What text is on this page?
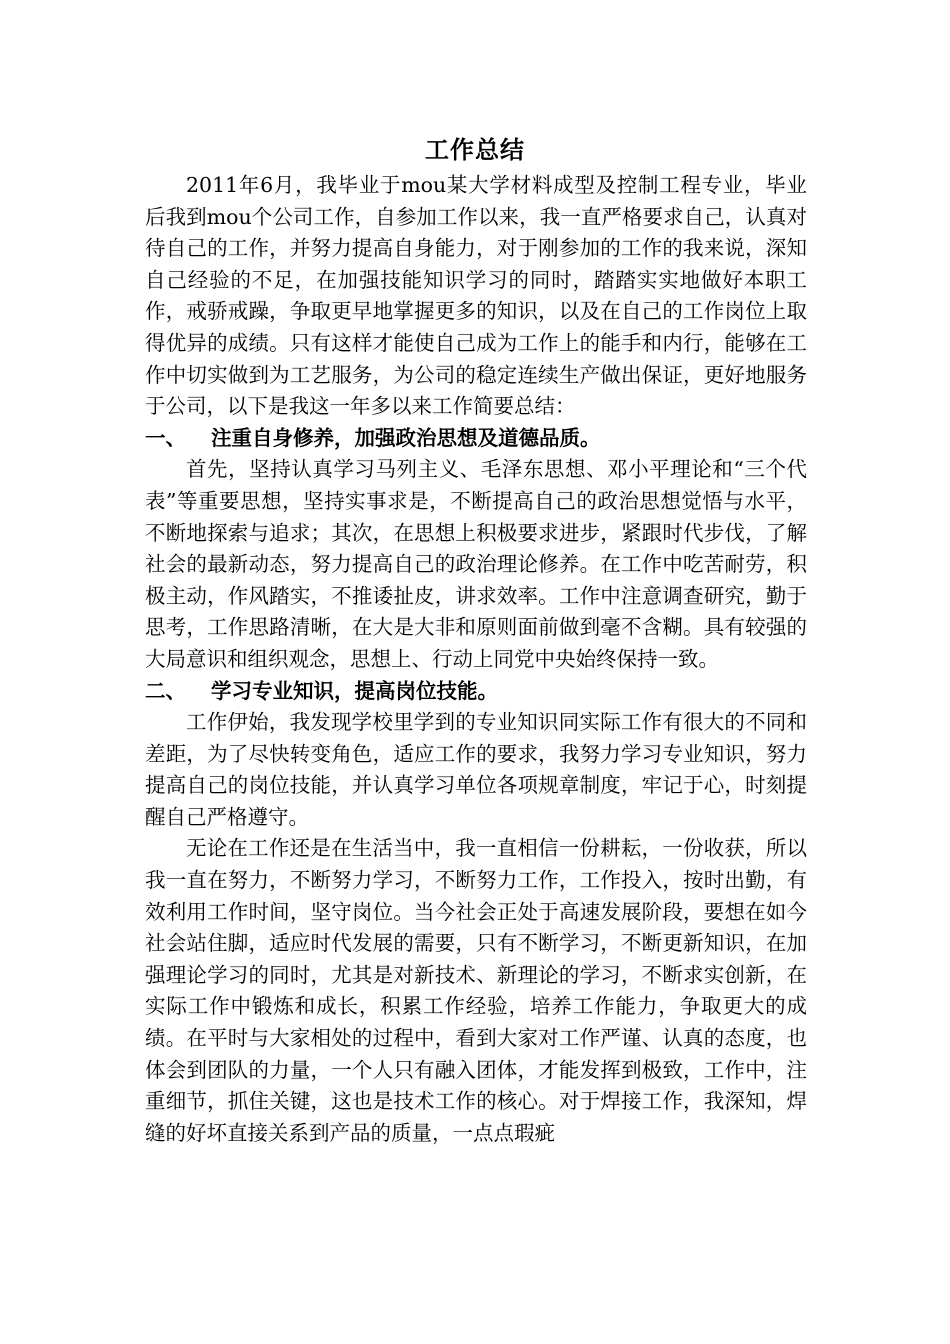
工作总结

2011年6月，我毕业于mou某大学材料成型及控制工程专业，毕业后我到mou个公司工作，自参加工作以来，我一直严格要求自己，认真对待自己的工作，并努力提高自身能力，对于刚参加的工作的我来说，深知自己经验的不足，在加强技能知识学习的同时，踏踏实实地做好本职工作，戒骄戒躁，争取更早地掌握更多的知识，以及在自己的工作岗位上取得优异的成绩。只有这样才能使自己成为工作上的能手和内行，能够在工作中切实做到为工艺服务，为公司的稳定连续生产做出保证，更好地服务于公司，以下是我这一年多以来工作简要总结：

一、 注重自身修养，加强政治思想及道德品质。

首先，坚持认真学习马列主义、毛泽东思想、邓小平理论和“三个代表”等重要思想，坚持实事求是，不断提高自己的政治思想觉悟与水平，不断地探索与追求；其次，在思想上积极要求进步，紧跟时代步伐，了解社会的最新动态，努力提高自己的政治理论修养。在工作中吃苦耐劳，积极主动，作风踏实，不推诿扯皮，讲求效率。工作中注意调查研究，勤于思考，工作思路清晰，在大是大非和原则面前做到毫不含糊。具有较强的大局意识和组织观念，思想上、行动上同党中央始终保持一致。

二、 学习专业知识，提高岗位技能。

工作伊始，我发现学校里学到的专业知识同实际工作有很大的不同和差距，为了尽快转变角色，适应工作的要求，我努力学习专业知识，努力提高自己的岗位技能，并认真学习单位各项规章制度，牢记于心，时刻提醒自己严格遵守。

无论在工作还是在生活当中，我一直相信一份耕耘，一份收获，所以我一直在努力，不断努力学习，不断努力工作，工作投入，按时出勤，有效利用工作时间，坚守岗位。当今社会正处于高速发展阶段，要想在如今社会站住脚，适应时代发展的需要，只有不断学习，不断更新知识，在加强理论学习的同时，尤其是对新技术、新理论的学习，不断求实创新，在实际工作中锻炼和成长，积累工作经验，培养工作能力，争取更大的成绩。在平时与大家相处的过程中，看到大家对工作严谨、认真的态度，也体会到团队的力量，一个人只有融入团体，才能发挥到极致，工作中，注重细节，抓住关键，这也是技术工作的核心。对于焊接工作，我深知，焊缝的好坏直接关系到产品的质量，一点点瑕疵
